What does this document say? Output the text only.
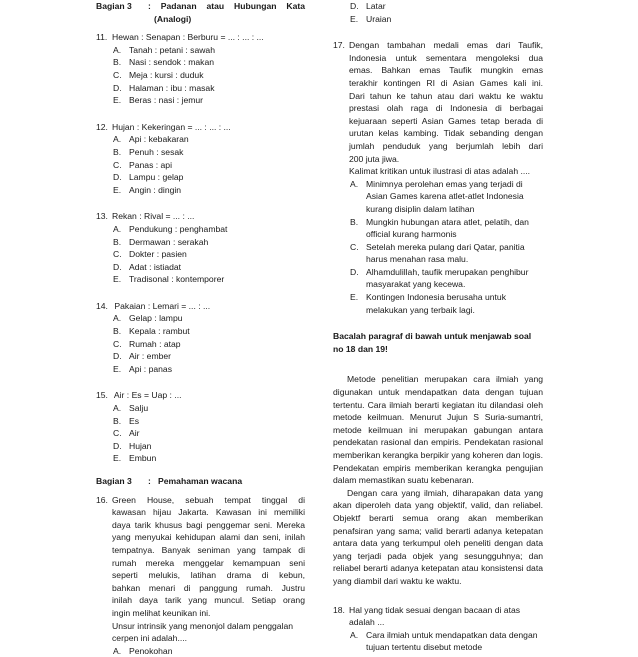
Bagian 3	: Padanan atau Hubungan Kata
(Analogi)
11. Hewan : Senapan : Berburu = ... : ... : ...
A. Tanah : petani : sawah
B. Nasi : sendok : makan
C. Meja : kursi : duduk
D. Halaman : ibu : masak
E. Beras : nasi : jemur
12. Hujan : Kekeringan = ... : ... : ...
A. Api : kebakaran
B. Penuh : sesak
C. Panas : api
D. Lampu : gelap
E. Angin : dingin
13. Rekan : Rival = ... : ...
A. Pendukung : penghambat
B. Dermawan : serakah
C. Dokter : pasien
D. Adat : istiadat
E. Tradisonal : kontemporer
14. Pakaian : Lemari = ... : ...
A. Gelap : lampu
B. Kepala : rambut
C. Rumah : atap
D. Air : ember
E. Api : panas
15. Air : Es = Uap : ...
A. Salju
B. Es
C. Air
D. Hujan
E. Embun
Bagian 3	:   Pemahaman wacana
16. Green House, sebuah tempat tinggal di
kawasan hijau Jakarta. Kawasan ini memiliki
daya tarik khusus bagi penggemar seni. Mereka
yang menyukai kehidupan alami dan seni, inilah
tempatnya. Banyak seniman yang tampak di
rumah mereka menggelar kemampuan seni
seperti melukis, latihan drama di kebun,
bahkan menari di panggung rumah. Justru
inilah daya tarik yang muncul. Setiap orang
ingin melihat keunikan ini.
Unsur intrinsik yang menonjol dalam penggalan cerpen ini adalah....
A. Penokohan
D. Latar
E. Uraian
17. Dengan tambahan medali emas dari Taufik,
Indonesia untuk sementara mengoleksi dua
emas. Bahkan emas Taufik mungkin emas
terakhir kontingen RI di Asian Games kali ini.
Dari tahun ke tahun atau dari waktu ke waktu
prestasi olah raga di Indonesia di berbagai
kejuaraan seperti Asian Games tetap berada di
urutan kelas kambing. Tidak sebanding dengan
jumlah penduduk yang berjumlah lebih dari
200 juta jiwa.
Kalimat kritikan untuk ilustrasi di atas adalah ....
A. Minimnya perolehan emas yang terjadi di Asian Games karena atlet-atlet Indonesia kurang disiplin dalam latihan
B. Mungkin hubungan atara atlet, pelatih, dan official kurang harmonis
C. Setelah mereka pulang dari Qatar, panitia harus menahan rasa malu.
D. Alhamdulillah, taufik merupakan penghibur masyarakat yang kecewa.
E. Kontingen Indonesia berusaha untuk melakukan yang terbaik lagi.
Bacalah paragraf di bawah untuk menjawab soal no 18 dan 19!
Metode penelitian merupakan cara ilmiah yang digunakan untuk mendapatkan data dengan tujuan tertentu. Cara ilmiah berarti kegiatan itu dilandasi oleh metode keilmuan. Menurut Jujun S Suria-sumantri, metode keilmuan ini merupakan gabungan antara pendekatan rasional dan empiris. Pendekatan rasional memberikan kerangka berpikir yang koheren dan logis. Pendekatan empiris memberikan kerangka pengujian dalam memastikan suatu kebenaran.
Dengan cara yang ilmiah, diharapakan data yang akan diperoleh data yang objektif, valid, dan reliabel. Objektf berarti semua orang akan memberikan penafsiran yang sama; valid berarti adanya ketepatan antara data yang terkumpul oleh peneliti dengan data yang terjadi pada objek yang sesungguhnya; dan reliabel berarti adanya ketepatan atau konsistensi data yang diambil dari waktu ke waktu.
18. Hal yang tidak sesuai dengan bacaan di atas adalah ...
A. Cara ilmiah untuk mendapatkan data dengan tujuan tertentu disebut metode
